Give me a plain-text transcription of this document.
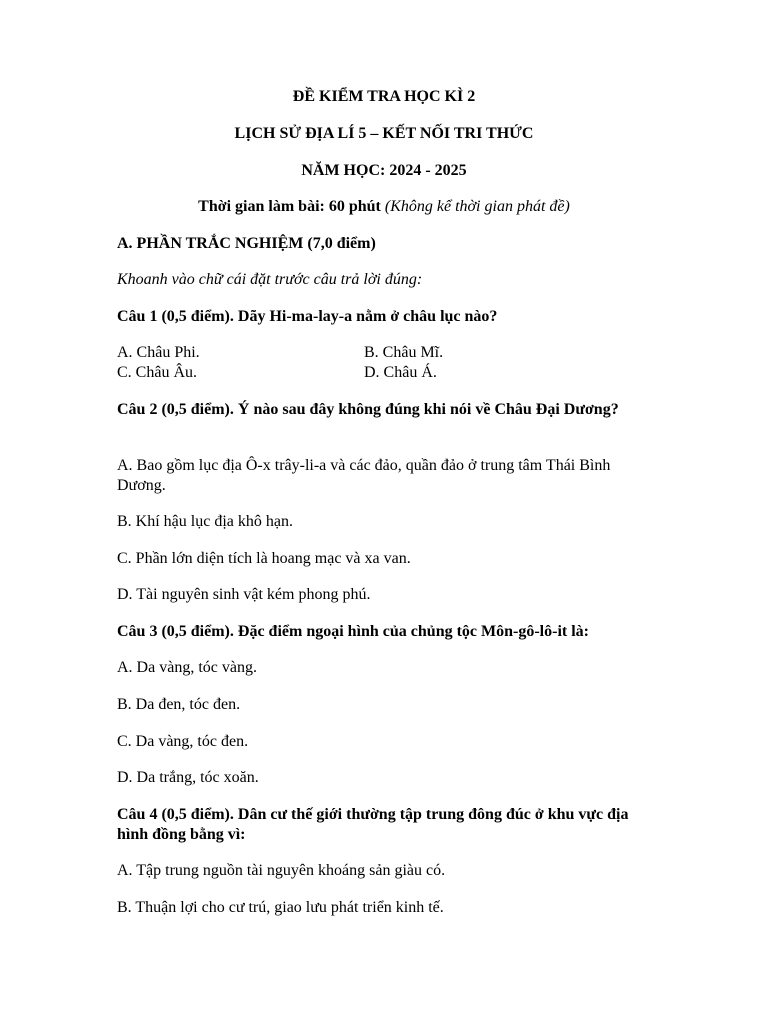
ĐỀ KIỂM TRA HỌC KÌ 2

LỊCH SỬ ĐỊA LÍ 5 – KẾT NỐI TRI THỨC

NĂM HỌC: 2024 - 2025

Thời gian làm bài: 60 phút (Không kể thời gian phát đề)

A. PHẦN TRẮC NGHIỆM (7,0 điểm)

Khoanh vào chữ cái đặt trước câu trả lời đúng:

Câu 1 (0,5 điểm). Dãy Hi-ma-lay-a nằm ở châu lục nào?

A. Châu Phi.	B. Châu Mĩ.
C. Châu Âu.	D. Châu Á.

Câu 2 (0,5 điểm). Ý nào sau đây không đúng khi nói về Châu Đại Dương?

A. Bao gồm lục địa Ô-x trây-li-a và các đảo, quần đảo ở trung tâm Thái Bình Dương.

B. Khí hậu lục địa khô hạn.

C. Phần lớn diện tích là hoang mạc và xa van.

D. Tài nguyên sinh vật kém phong phú.

Câu 3 (0,5 điểm). Đặc điểm ngoại hình của chủng tộc Môn-gô-lô-it là:

A. Da vàng, tóc vàng.

B. Da đen, tóc đen.

C. Da vàng, tóc đen.

D. Da trắng, tóc xoăn.

Câu 4 (0,5 điểm). Dân cư thế giới thường tập trung đông đúc ở khu vực địa hình đồng bằng vì:

A. Tập trung nguồn tài nguyên khoáng sản giàu có.

B. Thuận lợi cho cư trú, giao lưu phát triển kinh tế.
